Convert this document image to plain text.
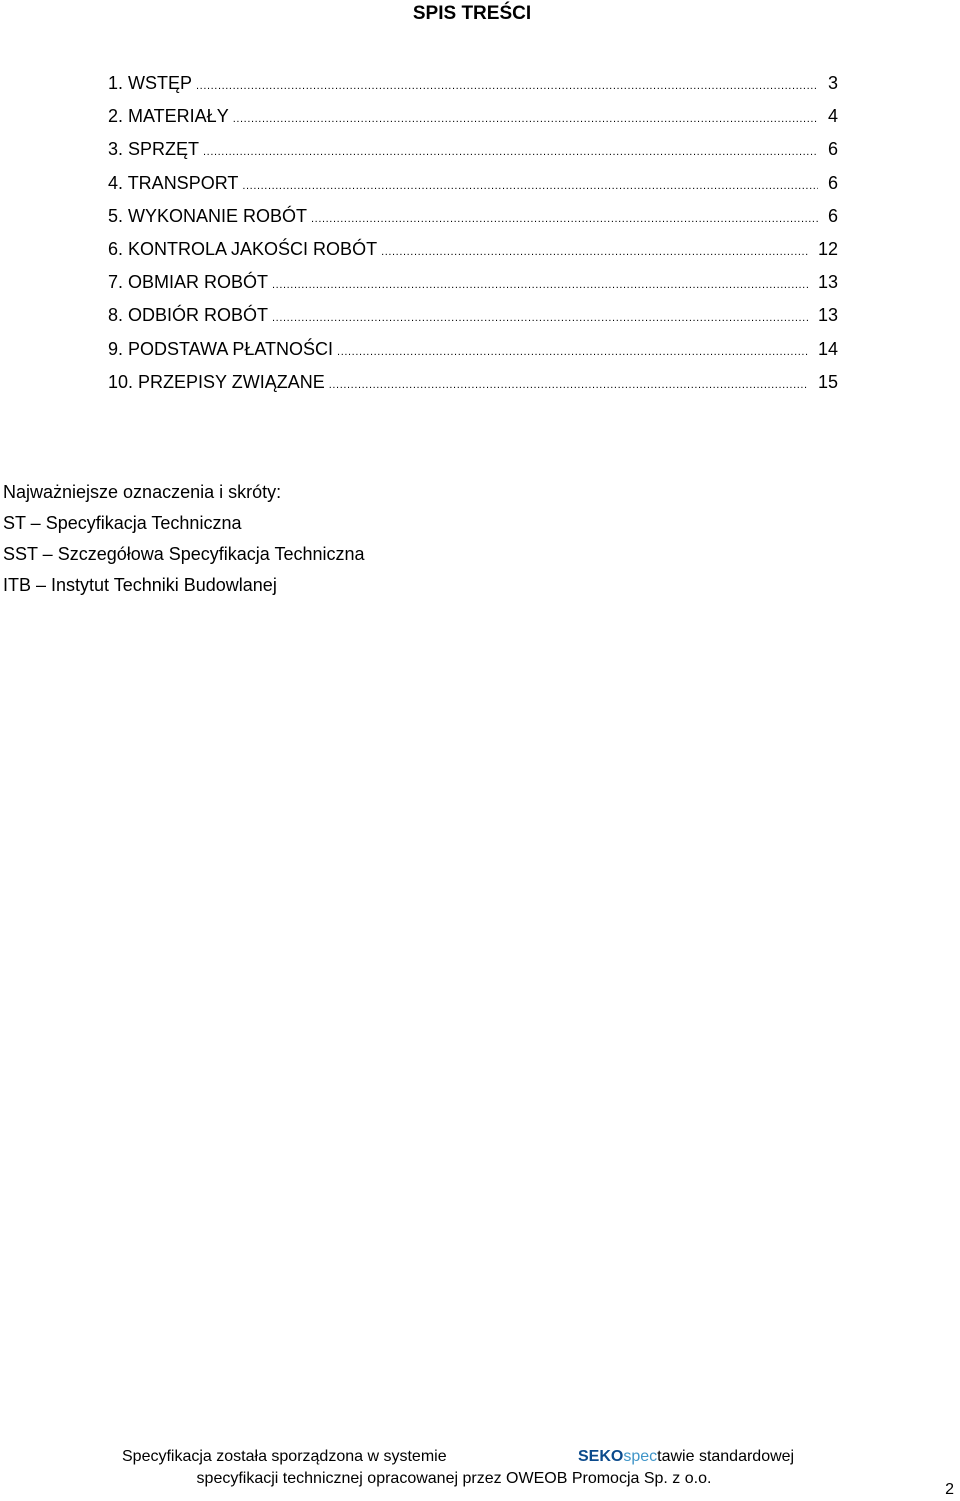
SPIS TREŚCI
1. WSTĘP .....	3
2. MATERIAŁY .....	4
3. SPRZĘT .....	6
4. TRANSPORT .....	6
5. WYKONANIE ROBÓT .....	6
6. KONTROLA JAKOŚCI ROBÓT .....	12
7. OBMIAR ROBÓT .....	13
8. ODBIÓR ROBÓT .....	13
9. PODSTAWA PŁATNOŚCI .....	14
10. PRZEPISY ZWIĄZANE .....	15
Najważniejsze oznaczenia i skróty:
ST – Specyfikacja Techniczna
SST – Szczegółowa Specyfikacja Techniczna
ITB – Instytut Techniki Budowlanej
Specyfikacja została sporządzona w systemie	SEKOspectawie standardowej
specyfikacji technicznej opracowanej przez OWEOB Promocja Sp. z o.o.
2
